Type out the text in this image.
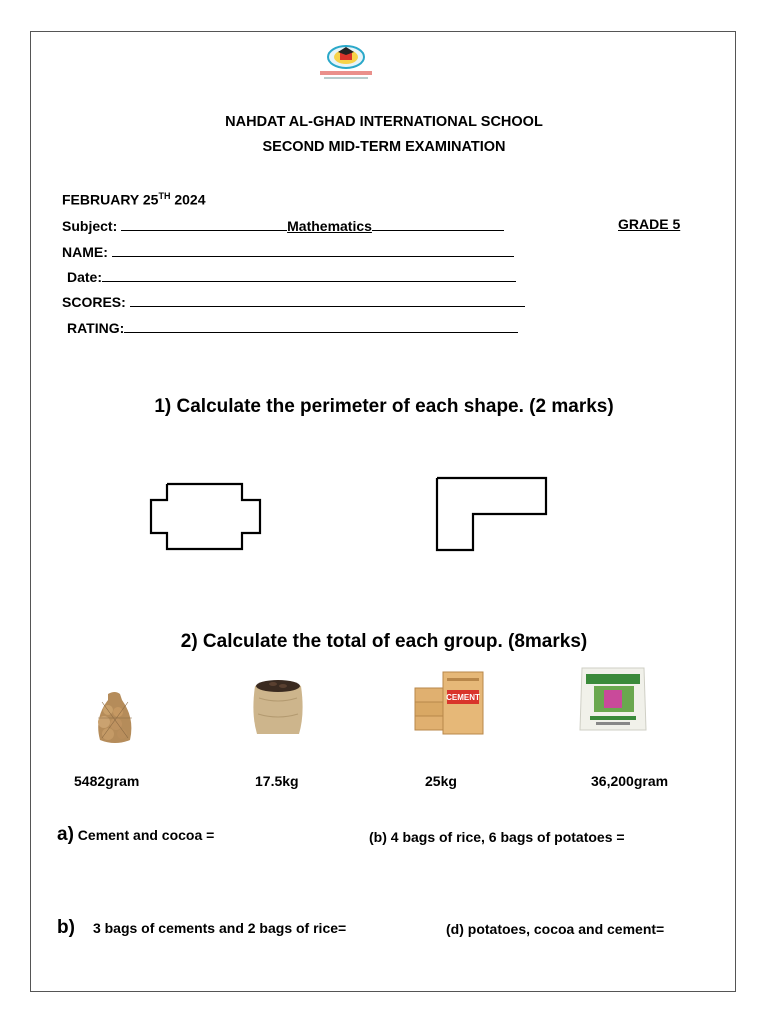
NAHDAT AL-GHAD INTERNATIONAL SCHOOL
SECOND MID-TERM EXAMINATION
FEBRUARY 25TH 2024
Subject:	Mathematics	GRADE 5
NAME:
Date:
SCORES:
RATING:
1) Calculate the perimeter of each shape. (2 marks)
2) Calculate the total of each group. (8marks)
CEMENT
5482gram	17.5kg	25kg	36,200gram
a) Cement and cocoa =	(b) 4 bags of rice, 6 bags of potatoes =
b) 3 bags of cements and 2 bags of rice=	(d) potatoes, cocoa and cement=
